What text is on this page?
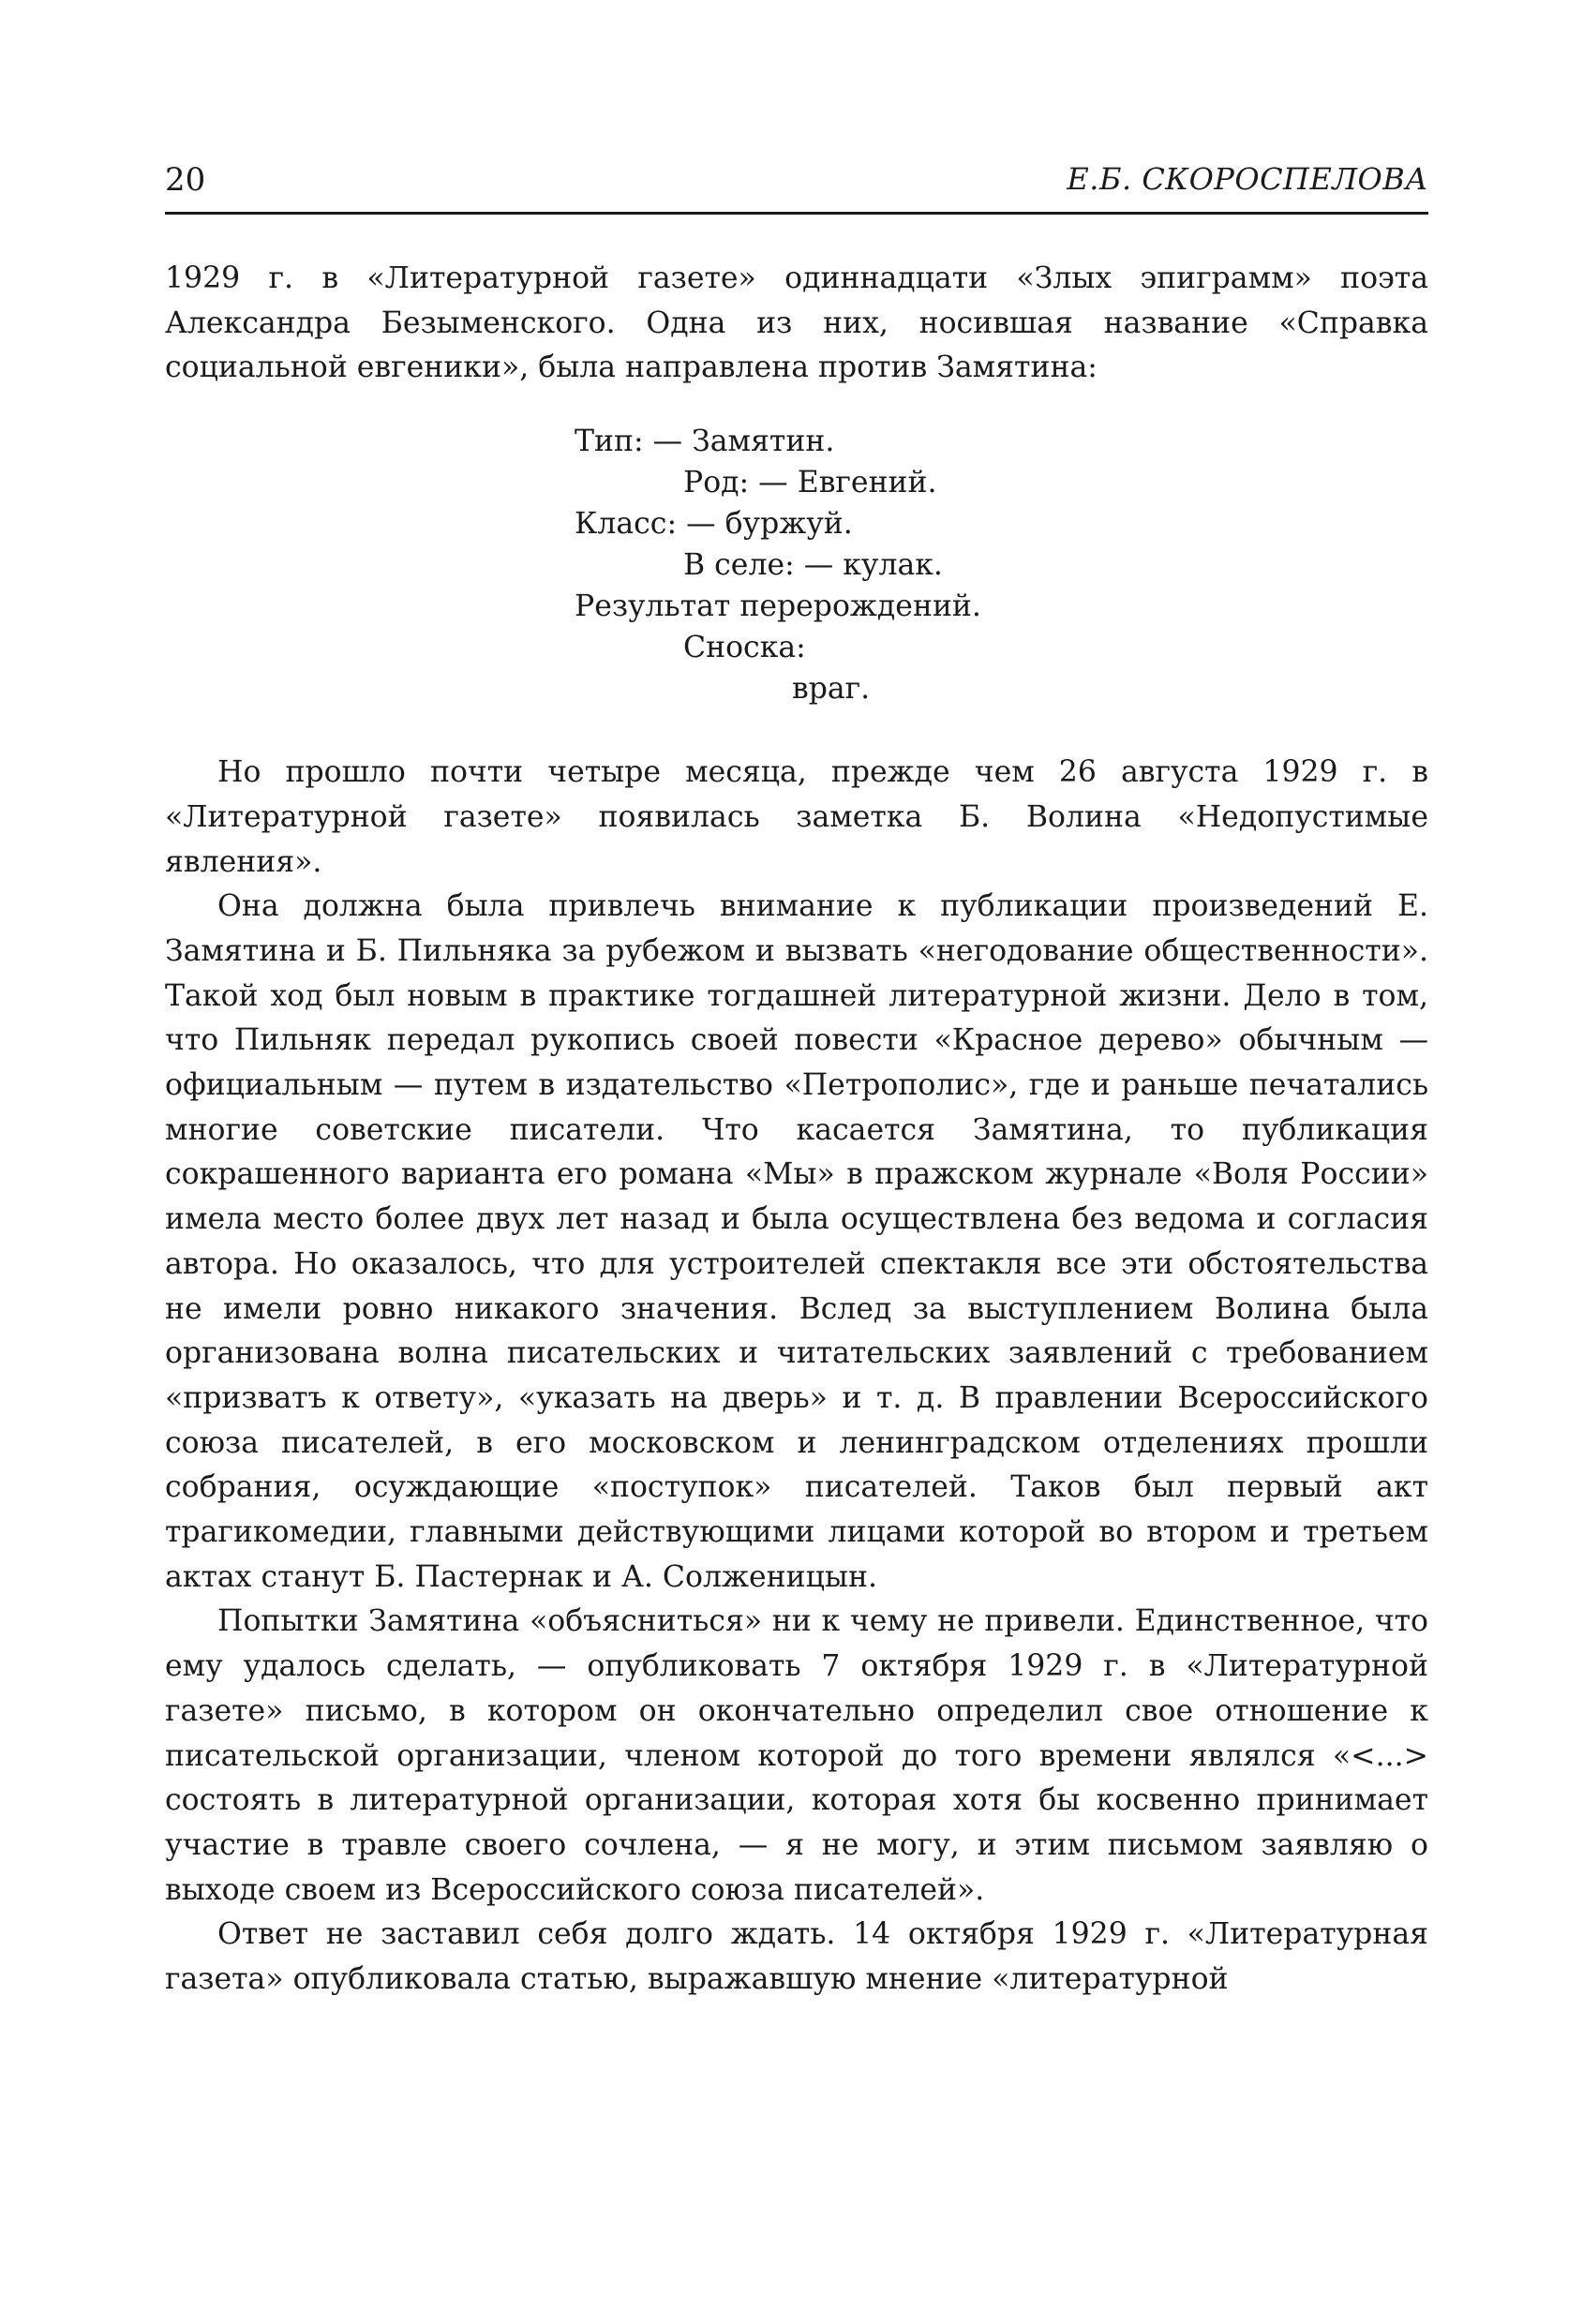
20	Е.Б. СКОРОСПЕЛОВА

1929 г. в «Литературной газете» одиннадцати «Злых эпиграмм» поэта Александра Безыменского. Одна из них, носившая название «Справка социальной евгеники», была направлена против Замятина:

Тип: — Замятин.
Род: — Евгений.
Класс: — буржуй.
В селе: — кулак.
Результат перерождений.
Сноска:
враг.

Но прошло почти четыре месяца, прежде чем 26 августа 1929 г. в «Литературной газете» появилась заметка Б. Волина «Недопустимые явления».

Она должна была привлечь внимание к публикации произведений Е. Замятина и Б. Пильняка за рубежом и вызвать «негодование общественности». Такой ход был новым в практике тогдашней литературной жизни. Дело в том, что Пильняк передал рукопись своей повести «Красное дерево» обычным — официальным — путем в издательство «Петрополис», где и раньше печатались многие советские писатели. Что касается Замятина, то публикация сокрашенного варианта его романа «Мы» в пражском журнале «Воля России» имела место более двух лет назад и была осуществлена без ведома и согласия автора. Но оказалось, что для устроителей спектакля все эти обстоятельства не имели ровно никакого значения. Вслед за выступлением Волина была организована волна писательских и читательских заявлений с требованием «призватъ к ответу», «указать на дверь» и т. д. В правлении Всероссийского союза писателей, в его московском и ленинградском отделениях прошли собрания, осуждающие «поступок» писателей. Таков был первый акт трагикомедии, главными действующими лицами которой во втором и третьем актах станут Б. Пастернак и А. Солженицын.

Попытки Замятина «объясниться» ни к чему не привели. Единственное, что ему удалось сделать, — опубликовать 7 октября 1929 г. в «Литературной газете» письмо, в котором он окончательно определил свое отношение к писательской организации, членом которой до того времени являлся «<...> состоять в литературной организации, которая хотя бы косвенно принимает участие в травле своего сочлена, — я не могу, и этим письмом заявляю о выходе своем из Всероссийского союза писателей».

Ответ не заставил себя долго ждать. 14 октября 1929 г. «Литературная газета» опубликовала статью, выражавшую мнение «литературной
